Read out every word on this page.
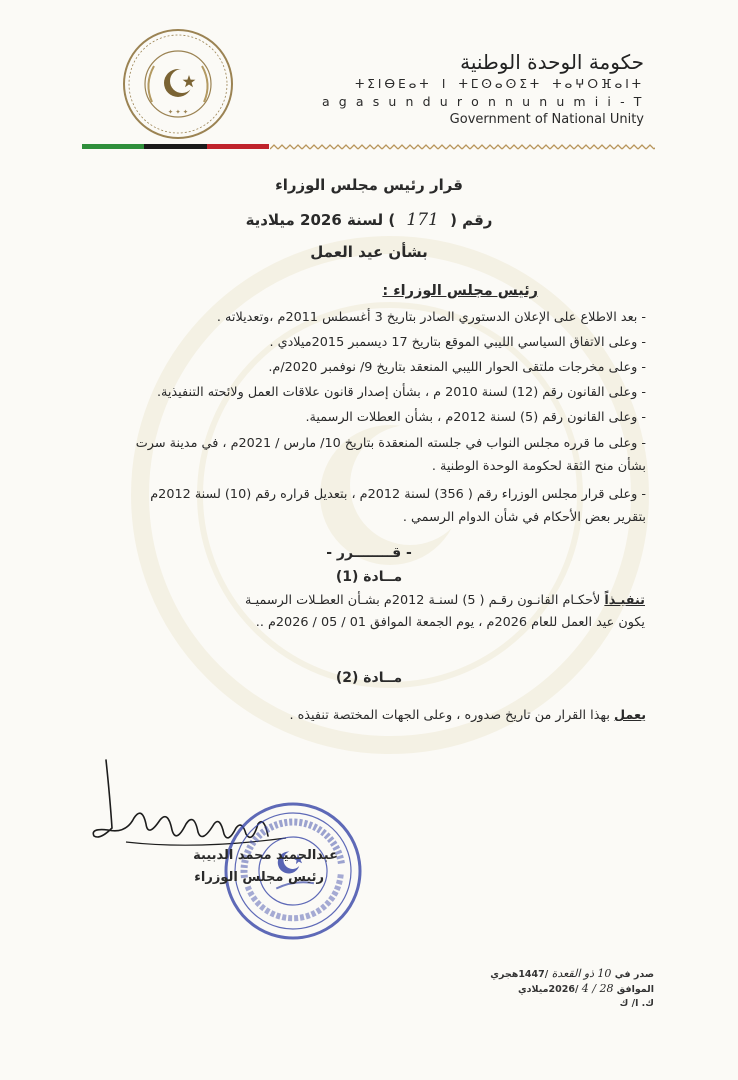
✦ ✦ ✦
حكومة الوحدة الوطنية
ⵜⵉⵏⴱⴹⴰⵜ ⵏ ⵜⵎⵙⴰⵙⵉⵜ ⵜⴰⵖⵔⴼⴰⵏⵜ
a g a s u n d u r o n n u n u m i i - T
Government of National Unity
قرار رئيس مجلس الوزراء
رقم ( 171 ) لسنة 2026 ميلادية
بشأن عيد العمل
رئيس مجلس الوزراء :
- بعد الاطلاع على الإعلان الدستوري الصادر بتاريخ 3 أغسطس 2011م ،وتعديلاته .
- وعلى الاتفاق السياسي الليبي الموقع بتاريخ 17 ديسمبر 2015ميلادي .
- وعلى مخرجات ملتقى الحوار الليبي المنعقد بتاريخ 9/ نوفمبر 2020/م.
- وعلى القانون رقم (12) لسنة 2010 م ، بشأن إصدار قانون علاقات العمل ولائحته التنفيذية.
- وعلى القانون رقم (5) لسنة 2012م ، بشأن العطلات الرسمية.
- وعلى ما قرره مجلس النواب في جلسته المنعقدة بتاريخ 10/ مارس / 2021م ، في مدينة سرت
بشأن منح الثقة لحكومة الوحدة الوطنية .
- وعلى قرار مجلس الوزراء رقم ( 356) لسنة 2012م ، بتعديل قراره رقم (10) لسنة 2012م
بتقرير بعض الأحكام في شأن الدوام الرسمي .
- قــــــــرر -
مــادة (1)
تنفيـذاً لأحكـام القانـون رقـم ( 5) لسنـة 2012م بشـأن العطـلات الرسميـة
يكون عيد العمل للعام 2026م ، يوم الجمعة الموافق 01 / 05 / 2026م ..
مــادة (2)
يعمل بهذا القرار من تاريخ صدوره ، وعلى الجهات المختصة تنفيذه .
عبدالحميد محمد الدبيبة
رئيس مجلس الوزراء
صدر في 10 ذو القعدة /1447هجري
الموافق 28 / 4 /2026ميلادي
ك. ا/ ك
